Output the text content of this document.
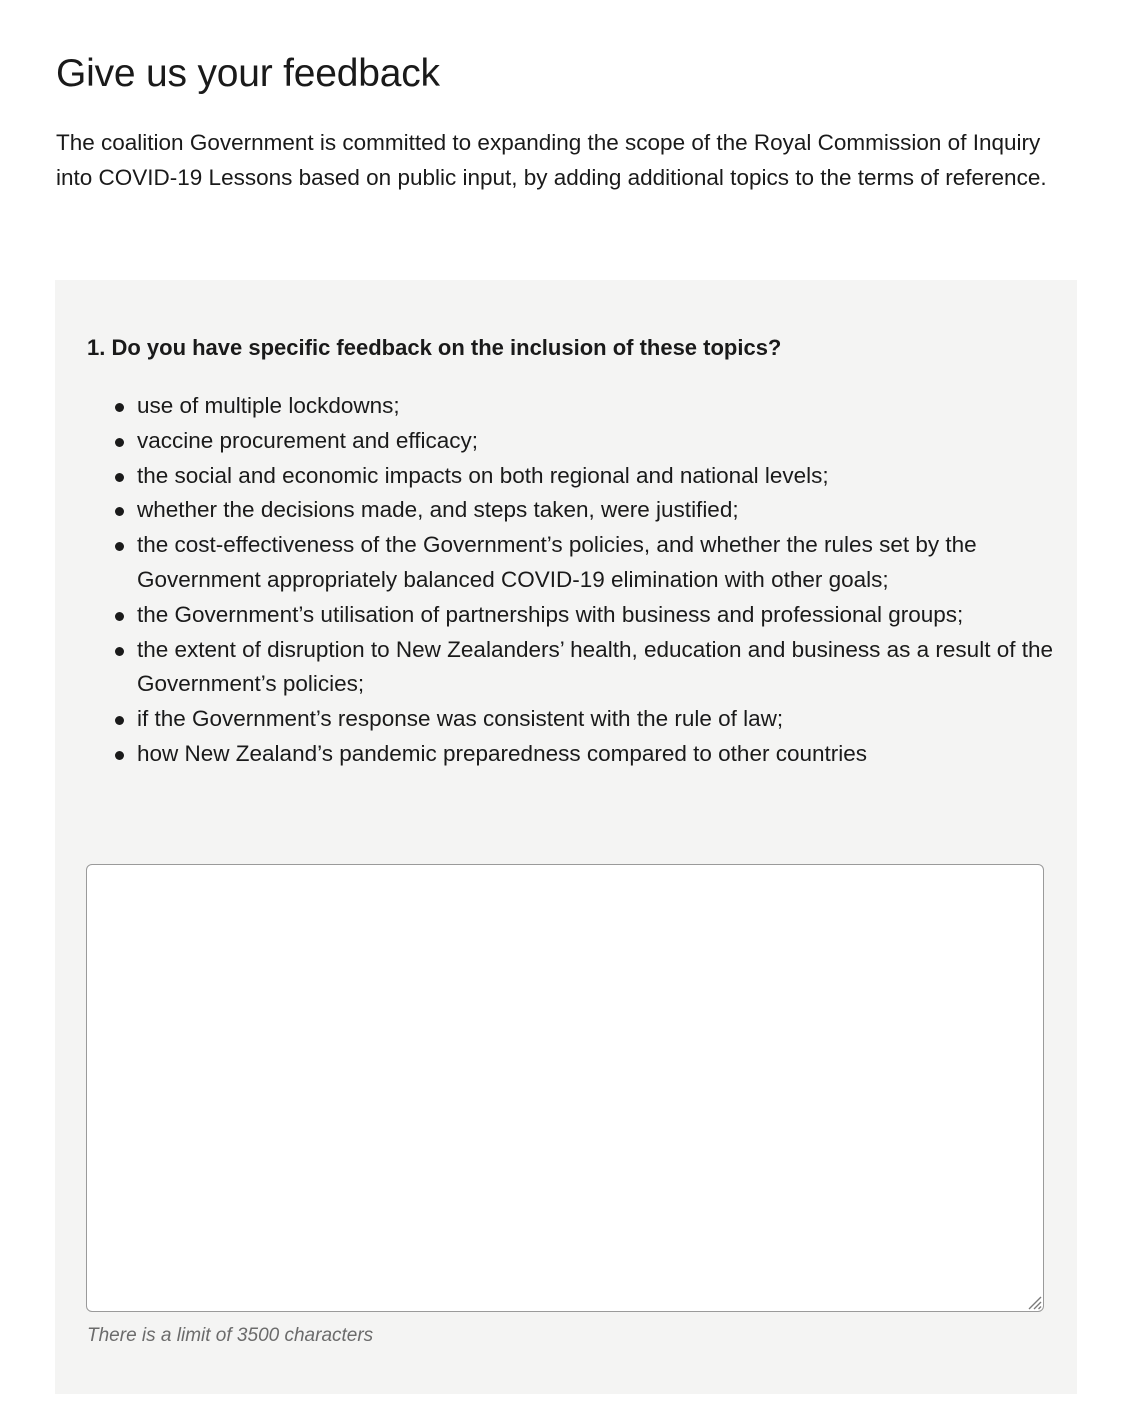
Give us your feedback

The coalition Government is committed to expanding the scope of the Royal Commission of Inquiry into COVID-19 Lessons based on public input, by adding additional topics to the terms of reference.

1. Do you have specific feedback on the inclusion of these topics?
use of multiple lockdowns;
vaccine procurement and efficacy;
the social and economic impacts on both regional and national levels;
whether the decisions made, and steps taken, were justified;
the cost-effectiveness of the Government’s policies, and whether the rules set by the Government appropriately balanced COVID-19 elimination with other goals;
the Government’s utilisation of partnerships with business and professional groups;
the extent of disruption to New Zealanders’ health, education and business as a result of the Government’s policies;
if the Government’s response was consistent with the rule of law;
how New Zealand’s pandemic preparedness compared to other countries

There is a limit of 3500 characters
